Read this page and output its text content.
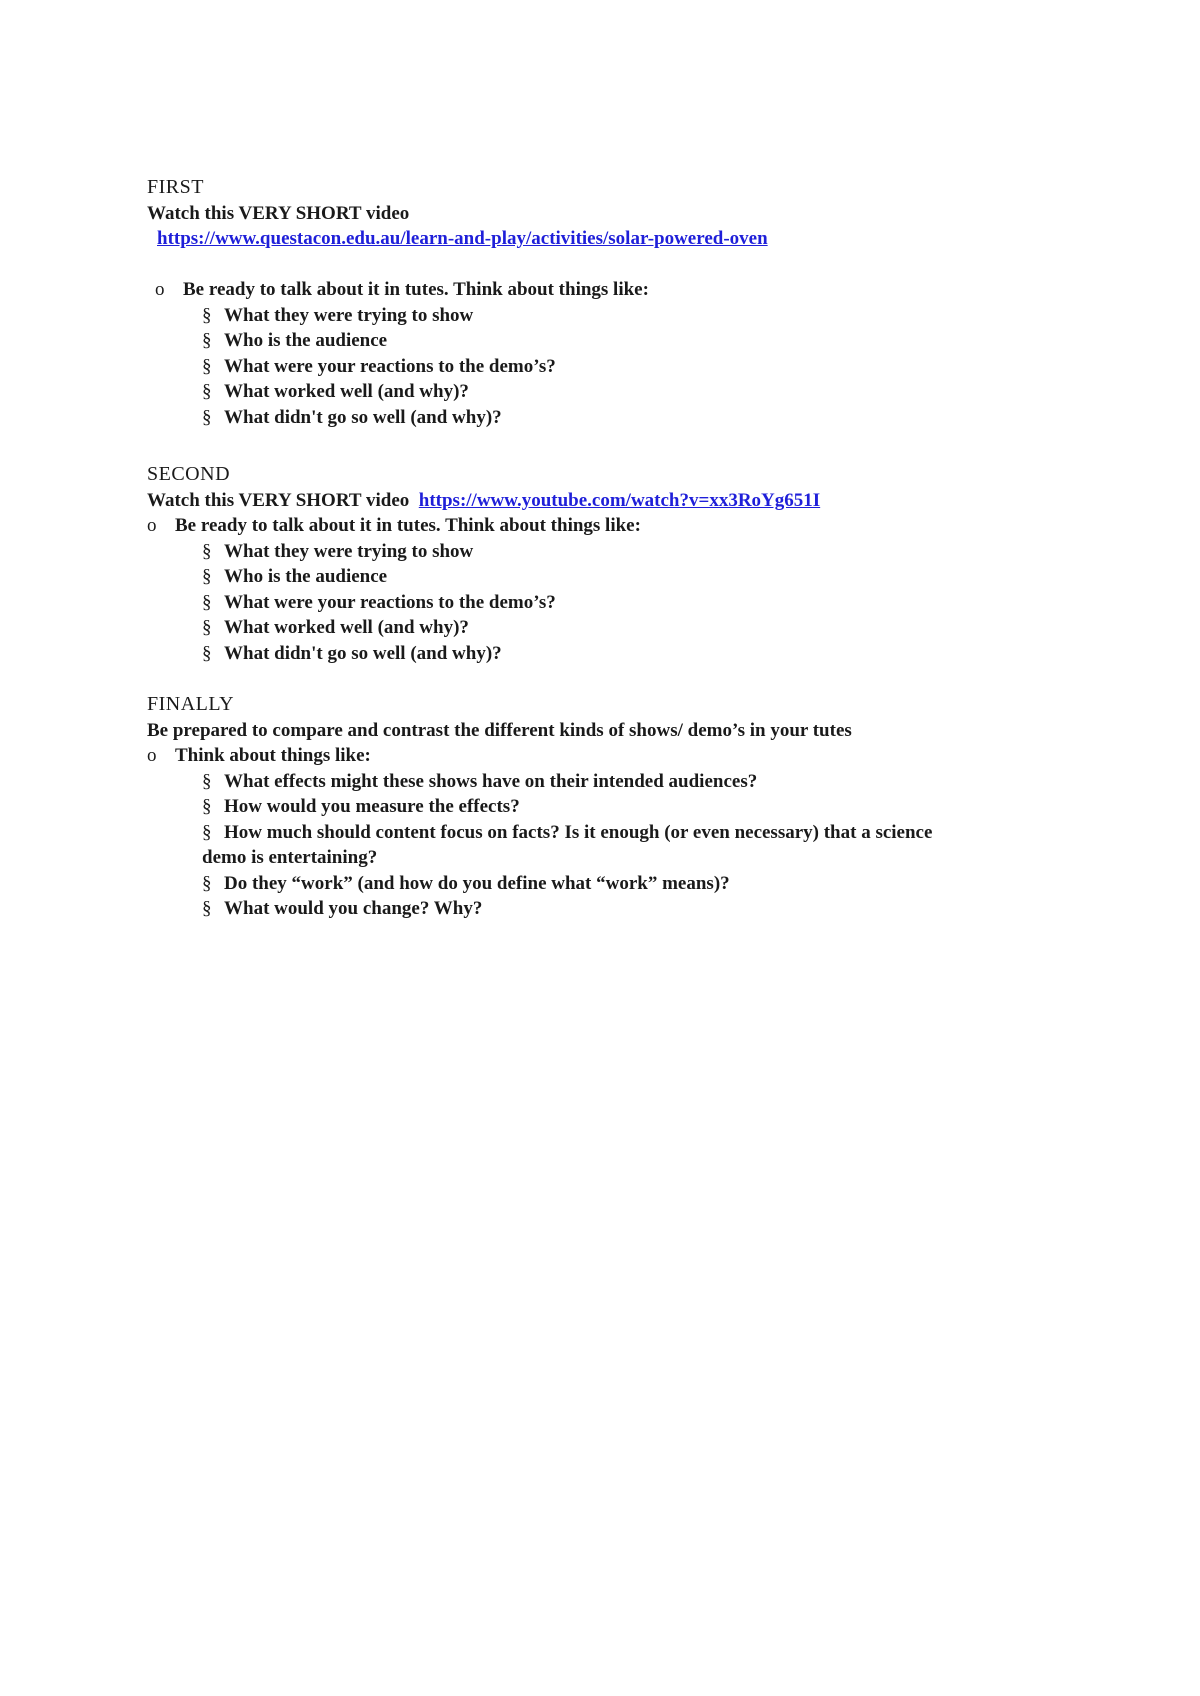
FIRST
Watch this VERY SHORT video
https://www.questacon.edu.au/learn-and-play/activities/solar-powered-oven
o Be ready to talk about it in tutes. Think about things like:
§ What they were trying to show
§ Who is the audience
§ What were your reactions to the demo’s?
§ What worked well (and why)?
§ What didn't go so well (and why)?
SECOND
Watch this VERY SHORT video https://www.youtube.com/watch?v=xx3RoYg651I
o Be ready to talk about it in tutes. Think about things like:
§ What they were trying to show
§ Who is the audience
§ What were your reactions to the demo’s?
§ What worked well (and why)?
§ What didn't go so well (and why)?
FINALLY
Be prepared to compare and contrast the different kinds of shows/ demo’s in your tutes
o Think about things like:
§ What effects might these shows have on their intended audiences?
§ How would you measure the effects?
§ How much should content focus on facts? Is it enough (or even necessary) that a science
demo is entertaining?
§ Do they “work” (and how do you define what “work” means)?
§ What would you change? Why?
